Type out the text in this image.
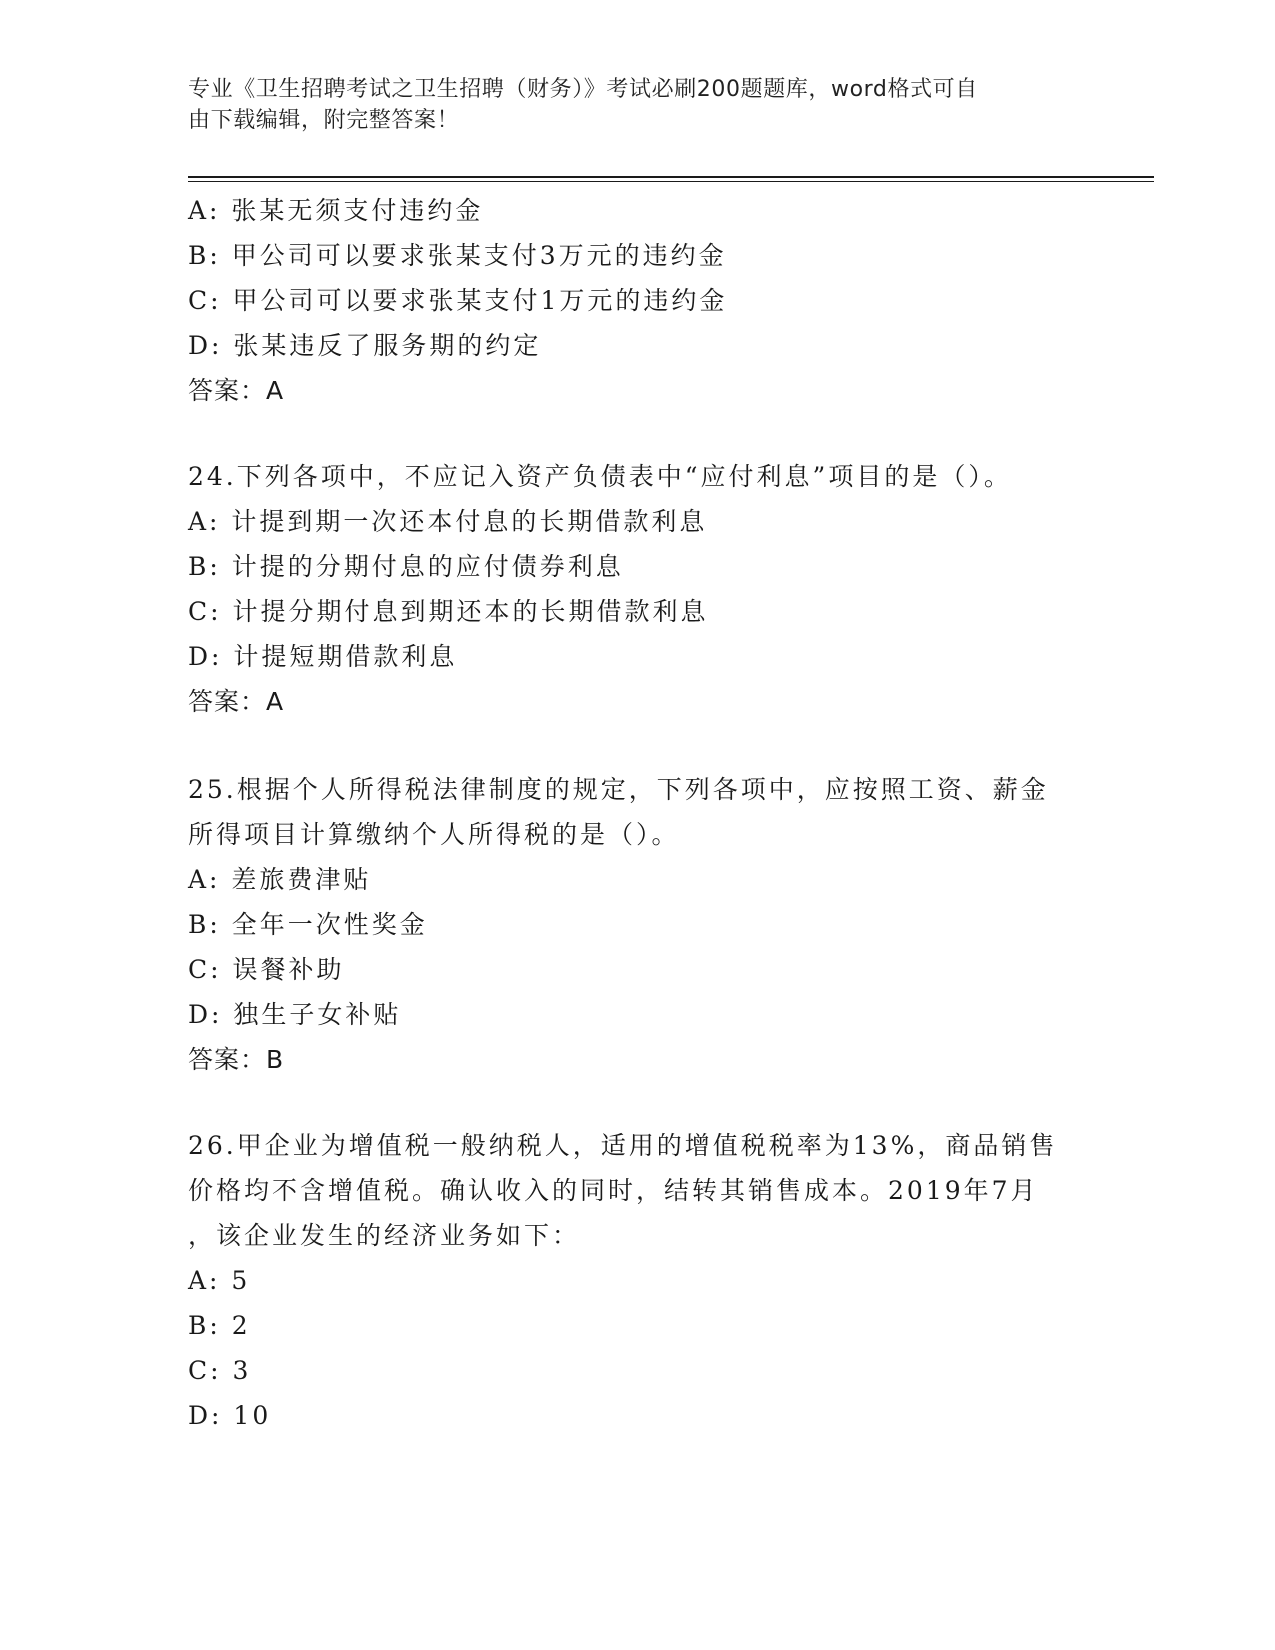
专业《卫生招聘考试之卫生招聘（财务）》考试必刷200题题库，word格式可自
由下载编辑，附完整答案！
A: 张某无须支付违约金
B: 甲公司可以要求张某支付3万元的违约金
C: 甲公司可以要求张某支付1万元的违约金
D: 张某违反了服务期的约定
答案：A
24.下列各项中，不应记入资产负债表中“应付利息”项目的是（）。
A: 计提到期一次还本付息的长期借款利息
B: 计提的分期付息的应付债券利息
C: 计提分期付息到期还本的长期借款利息
D: 计提短期借款利息
答案：A
25.根据个人所得税法律制度的规定，下列各项中，应按照工资、薪金
所得项目计算缴纳个人所得税的是（）。
A: 差旅费津贴
B: 全年一次性奖金
C: 误餐补助
D: 独生子女补贴
答案：B
26.甲企业为增值税一般纳税人，适用的增值税税率为13%，商品销售
价格均不含增值税。确认收入的同时，结转其销售成本。2019年7月
，该企业发生的经济业务如下：
A: 5
B: 2
C: 3
D: 10
